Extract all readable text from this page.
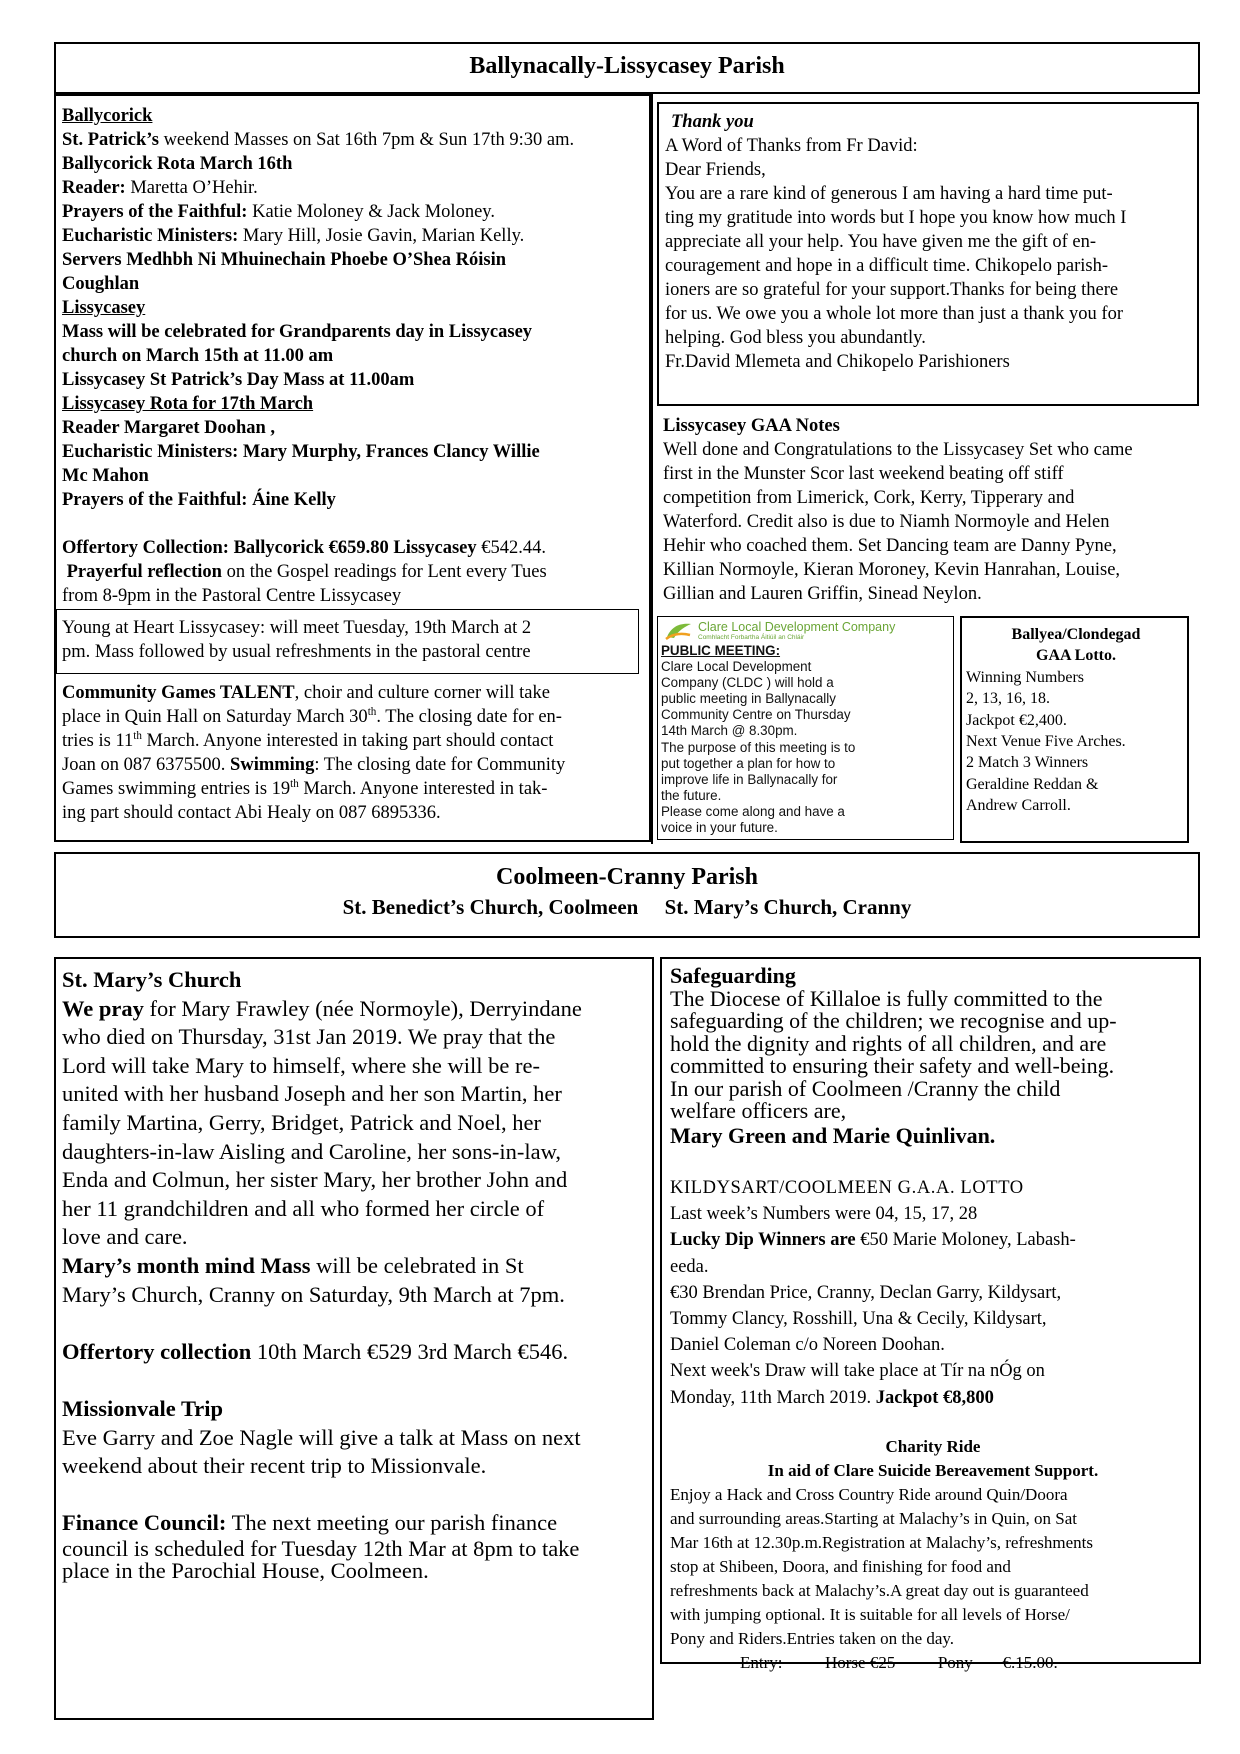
Ballynacally-Lissycasey Parish
Ballycorick
St. Patrick’s weekend Masses on Sat 16th 7pm & Sun 17th 9:30 am.
Ballycorick Rota March 16th
Reader: Maretta O’Hehir.
Prayers of the Faithful: Katie Moloney & Jack Moloney.
Eucharistic Ministers: Mary Hill, Josie Gavin, Marian Kelly.
Servers Medhbh Ni Mhuinechain Phoebe O’Shea Róisin
Coughlan
Lissycasey
Mass will be celebrated for Grandparents day in Lissycasey
church on March 15th at 11.00 am
Lissycasey St Patrick’s Day Mass at 11.00am
Lissycasey Rota for 17th March
Reader Margaret Doohan ,
Eucharistic Ministers: Mary Murphy, Frances Clancy Willie
Mc Mahon
Prayers of the Faithful: Áine Kelly
Offertory Collection: Ballycorick €659.80 Lissycasey €542.44.
Prayerful reflection on the Gospel readings for Lent every Tues
from 8-9pm in the Pastoral Centre Lissycasey
Young at Heart Lissycasey: will meet Tuesday, 19th March at 2
pm. Mass followed by usual refreshments in the pastoral centre
Community Games TALENT, choir and culture corner will take
place in Quin Hall on Saturday March 30th. The closing date for en-
tries is 11th March. Anyone interested in taking part should contact
Joan on 087 6375500. Swimming: The closing date for Community
Games swimming entries is 19th March. Anyone interested in tak-
ing part should contact Abi Healy on 087 6895336.
Thank you
A Word of Thanks from Fr David:
Dear Friends,
You are a rare kind of generous I am having a hard time put-
ting my gratitude into words but I hope you know how much I
appreciate all your help. You have given me the gift of en-
couragement and hope in a difficult time. Chikopelo parish-
ioners are so grateful for your support.Thanks for being there
for us. We owe you a whole lot more than just a thank you for
helping. God bless you abundantly.
Fr.David Mlemeta and Chikopelo Parishioners
Lissycasey GAA Notes
Well done and Congratulations to the Lissycasey Set who came
first in the Munster Scor last weekend beating off stiff
competition from Limerick, Cork, Kerry, Tipperary and
Waterford. Credit also is due to Niamh Normoyle and Helen
Hehir who coached them. Set Dancing team are Danny Pyne,
Killian Normoyle, Kieran Moroney, Kevin Hanrahan, Louise,
Gillian and Lauren Griffin, Sinead Neylon.
Clare Local Development Company
Comhlacht Forbartha Áitiúil an Chláir
PUBLIC MEETING:
Clare Local Development
Company (CLDC ) will hold a
public meeting in Ballynacally
Community Centre on Thursday
14th March @ 8.30pm.
The purpose of this meeting is to
put together a plan for how to
improve life in Ballynacally for
the future.
Please come along and have a
voice in your future.
Ballyea/Clondegad
GAA Lotto.
Winning Numbers
2, 13, 16, 18.
Jackpot €2,400.
Next Venue Five Arches.
2 Match 3 Winners
Geraldine Reddan &
Andrew Carroll.
Coolmeen-Cranny Parish
St. Benedict’s Church, Coolmeen     St. Mary’s Church, Cranny
St. Mary’s Church
We pray for Mary Frawley (née Normoyle), Derryindane
who died on Thursday, 31st Jan 2019. We pray that the
Lord will take Mary to himself, where she will be re-
united with her husband Joseph and her son Martin, her
family Martina, Gerry, Bridget, Patrick and Noel, her
daughters-in-law Aisling and Caroline, her sons-in-law,
Enda and Colmun, her sister Mary, her brother John and
her 11 grandchildren and all who formed her circle of
love and care.
Mary’s month mind Mass will be celebrated in St
Mary’s Church, Cranny on Saturday, 9th March at 7pm.
Offertory collection 10th March €529 3rd March €546.
Missionvale Trip
Eve Garry and Zoe Nagle will give a talk at Mass on next
weekend about their recent trip to Missionvale.
Finance Council: The next meeting our parish finance
council is scheduled for Tuesday 12th Mar at 8pm to take
place in the Parochial House, Coolmeen.
Safeguarding
The Diocese of Killaloe is fully committed to the
safeguarding of the children; we recognise and up-
hold the dignity and rights of all children, and are
committed to ensuring their safety and well-being.
In our parish of Coolmeen /Cranny the child
welfare officers are,
Mary Green and Marie Quinlivan.
KILDYSART/COOLMEEN G.A.A. LOTTO
Last week’s Numbers were 04, 15, 17, 28
Lucky Dip Winners are €50 Marie Moloney, Labash-
eeda.
€30 Brendan Price, Cranny, Declan Garry, Kildysart,
Tommy Clancy, Rosshill, Una & Cecily, Kildysart,
Daniel Coleman c/o Noreen Doohan.
Next week's Draw will take place at Tír na nÓg on
Monday, 11th March 2019. Jackpot €8,800
Charity Ride
In aid of Clare Suicide Bereavement Support.
Enjoy a Hack and Cross Country Ride around Quin/Doora
and surrounding areas.Starting at Malachy’s in Quin, on Sat
Mar 16th at 12.30p.m.Registration at Malachy’s, refreshments
stop at Shibeen, Doora, and finishing for food and
refreshments back at Malachy’s.A great day out is guaranteed
with jumping optional. It is suitable for all levels of Horse/
Pony and Riders.Entries taken on the day.
Entry:          Horse €25          Pony       €.15.00.
